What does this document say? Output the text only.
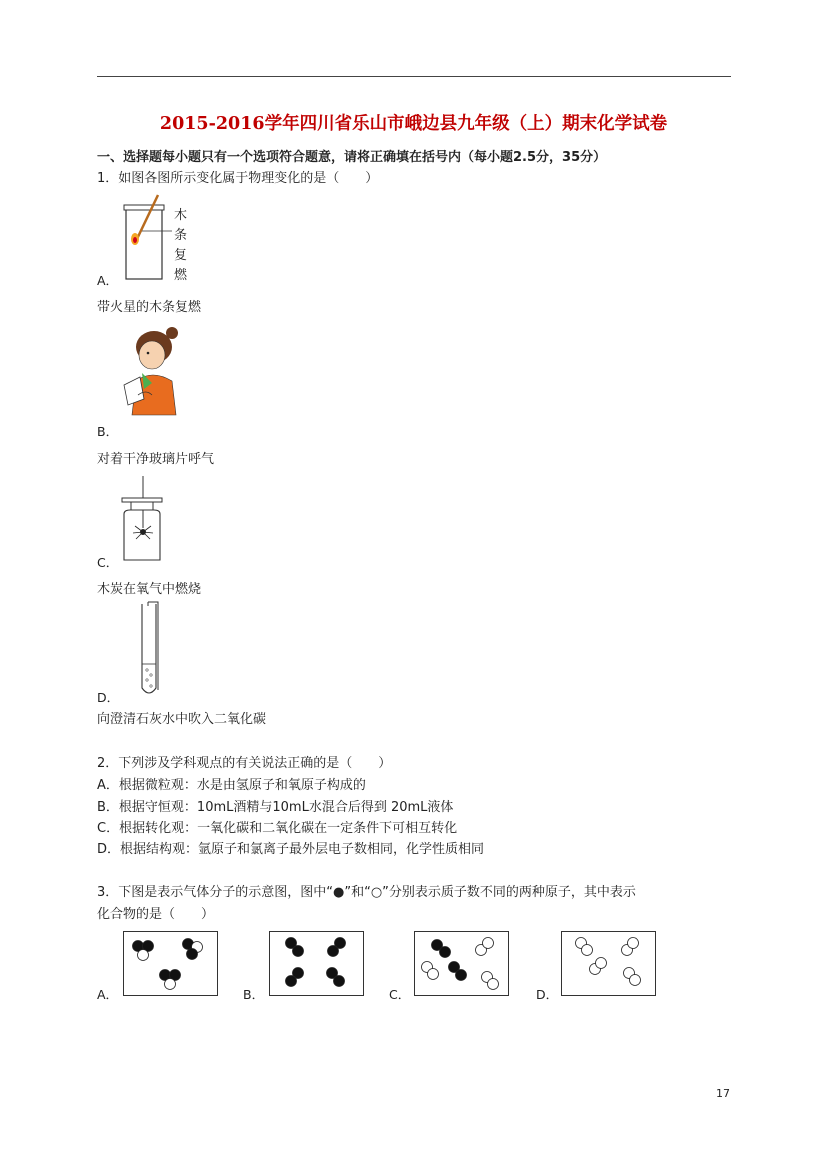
2015-2016学年四川省乐山市峨边县九年级（上）期末化学试卷
一、选择题每小题只有一个选项符合题意，请将正确填在括号内（每小题2.5分，35分）
1．如图各图所示变化属于物理变化的是（　　）
木
条
复
燃
A．
带火星的木条复燃
B．
对着干净玻璃片呼气
C．
木炭在氧气中燃烧
D．
向澄清石灰水中吹入二氧化碳
2．下列涉及学科观点的有关说法正确的是（　　）
A．根据微粒观：水是由氢原子和氧原子构成的
B．根据守恒观：10mL酒精与10mL水混合后得到 20mL液体
C．根据转化观：一氧化碳和二氧化碳在一定条件下可相互转化
D．根据结构观：氩原子和氯离子最外层电子数相同，化学性质相同
3．下图是表示气体分子的示意图，图中“●”和“○”分别表示质子数不同的两种原子，其中表示
化合物的是（　　）
A．	B．	C．	D．
17
